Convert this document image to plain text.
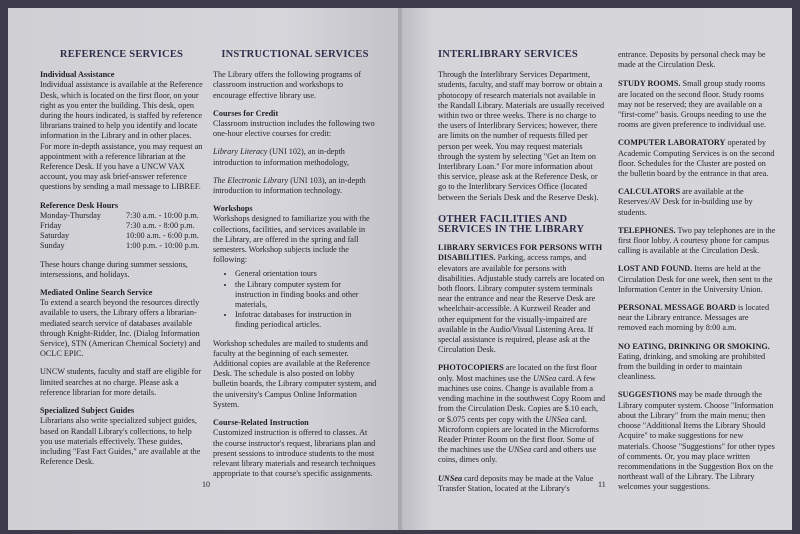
REFERENCE SERVICES
Individual Assistance

Individual assistance is available at the Reference Desk, which is located on the first floor, on your right as you enter the building. This desk, open during the hours indicated, is staffed by reference librarians trained to help you identify and locate information in the Library and in other places. For more in-depth assistance, you may request an appointment with a reference librarian at the Reference Desk. If you have a UNCW VAX account, you may ask brief-answer reference questions by sending a mail message to LIBREF.

Reference Desk Hours
Monday-Thursday	7:30 a.m. - 10:00 p.m.
Friday	7:30 a.m. - 8:00 p.m.
Saturday	10:00 a.m. - 6:00 p.m.
Sunday	1:00 p.m. - 10:00 p.m.

These hours change during summer sessions, intersessions, and holidays.

Mediated Online Search Service

To extend a search beyond the resources directly available to users, the Library offers a librarian-mediated search service of databases available through Knight-Ridder, Inc. (Dialog Information Service), STN (American Chemical Society) and OCLC EPIC.

UNCW students, faculty and staff are eligible for limited searches at no charge. Please ask a reference librarian for more details.

Specialized Subject Guides

Librarians also write specialized subject guides, based on Randall Library's collections, to help you use materials effectively. These guides, including "Fast Fact Guides," are available at the Reference Desk.

INSTRUCTIONAL SERVICES

The Library offers the following programs of classroom instruction and workshops to encourage effective library use.

Courses for Credit

Classroom instruction includes the following two one-hour elective courses for credit:

Library Literacy (UNI 102), an in-depth introduction to information methodology,

The Electronic Library (UNI 103), an in-depth introduction to information technology.

Workshops

Workshops designed to familiarize you with the collections, facilities, and services available in the Library, are offered in the spring and fall semesters. Workshop subjects include the following:

• General orientation tours
• the Library computer system for instruction in finding books and other materials,
• Infotrac databases for instruction in finding periodical articles.

Workshop schedules are mailed to students and faculty at the beginning of each semester. Additional copies are available at the Reference Desk. The schedule is also posted on lobby bulletin boards, the Library computer system, and the university's Campus Online Information System.

Course-Related Instruction

Customized instruction is offered to classes. At the course instructor's request, librarians plan and present sessions to introduce students to the most relevant library materials and research techniques appropriate to that course's specific assignments.

10
INTERLIBRARY SERVICES

Through the Interlibrary Services Department, students, faculty, and staff may borrow or obtain a photocopy of research materials not available in the Randall Library. Materials are usually received within two or three weeks. There is no charge to the users of Interlibrary Services; however, there are limits on the number of requests filled per person per week. You may request materials through the system by selecting "Get an Item on Interlibrary Loan." For more information about this service, please ask at the Reference Desk, or go to the Interlibrary Services Office (located between the Serials Desk and the Reserve Desk).

OTHER FACILITIES AND
SERVICES IN THE LIBRARY

LIBRARY SERVICES FOR PERSONS WITH DISABILITIES. Parking, access ramps, and elevators are available for persons with disabilities. Adjustable study carrels are located on both floors. Library computer system terminals near the entrance and near the Reserve Desk are wheelchair-accessible. A Kurzweil Reader and other equipment for the visually-impaired are available in the Audio/Visual Listening Area. If special assistance is required, please ask at the Circulation Desk.

PHOTOCOPIERS are located on the first floor only. Most machines use the UNSea card. A few machines use coins. Change is available from a vending machine in the southwest Copy Room and from the Circulation Desk. Copies are $.10 each, or $.075 cents per copy with the UNSea card. Microform copiers are located in the Microforms Reader Printer Room on the first floor. Some of the machines use the UNSea card and others use coins, dimes only.

UNSea card deposits may be made at the Value Transfer Station, located at the Library's

entrance. Deposits by personal check may be made at the Circulation Desk.

STUDY ROOMS. Small group study rooms are located on the second floor. Study rooms may not be reserved; they are available on a "first-come" basis. Groups needing to use the rooms are given preference to individual use.

COMPUTER LABORATORY operated by Academic Computing Services is on the second floor. Schedules for the Cluster are posted on the bulletin board by the entrance in that area.

CALCULATORS are available at the Reserves/AV Desk for in-building use by students.

TELEPHONES. Two pay telephones are in the first floor lobby. A courtesy phone for campus calling is available at the Circulation Desk.

LOST AND FOUND. Items are held at the Circulation Desk for one week, then sent to the Information Center in the University Union.

PERSONAL MESSAGE BOARD is located near the Library entrance. Messages are removed each morning by 8:00 a.m.

NO EATING, DRINKING OR SMOKING. Eating, drinking, and smoking are prohibited from the building in order to maintain cleanliness.

SUGGESTIONS may be made through the Library computer system. Choose "Information about the Library" from the main menu; then choose "Additional Items the Library Should Acquire" to make suggestions for new materials. Choose "Suggestions" for other types of comments. Or, you may place written recommendations in the Suggestion Box on the northeast wall of the Library. The Library welcomes your suggestions.

11
